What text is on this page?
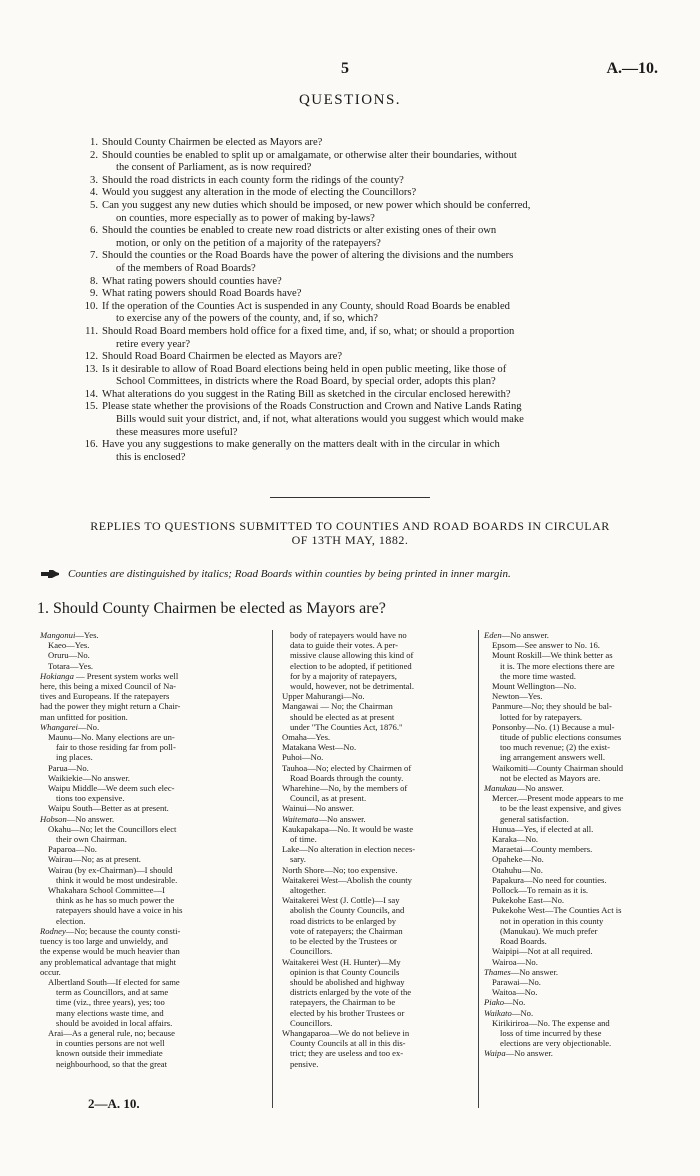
5	A.—10.
QUESTIONS.
1. Should County Chairmen be elected as Mayors are?
2. Should counties be enabled to split up or amalgamate, or otherwise alter their boundaries, without
the consent of Parliament, as is now required?
3. Should the road districts in each county form the ridings of the county?
4. Would you suggest any alteration in the mode of electing the Councillors?
5. Can you suggest any new duties which should be imposed, or new power which should be conferred,
on counties, more especially as to power of making by-laws?
6. Should the counties be enabled to create new road districts or alter existing ones of their own
motion, or only on the petition of a majority of the ratepayers?
7. Should the counties or the Road Boards have the power of altering the divisions and the numbers
of the members of Road Boards?
8. What rating powers should counties have?
9. What rating powers should Road Boards have?
10. If the operation of the Counties Act is suspended in any County, should Road Boards be enabled
to exercise any of the powers of the county, and, if so, which?
11. Should Road Board members hold office for a fixed time, and, if so, what; or should a proportion
retire every year?
12. Should Road Board Chairmen be elected as Mayors are?
13. Is it desirable to allow of Road Board elections being held in open public meeting, like those of
School Committees, in districts where the Road Board, by special order, adopts this plan?
14. What alterations do you suggest in the Rating Bill as sketched in the circular enclosed herewith?
15. Please state whether the provisions of the Roads Construction and Crown and Native Lands Rating
Bills would suit your district, and, if not, what alterations would you suggest which would make
these measures more useful?
16. Have you any suggestions to make generally on the matters dealt with in the circular in which
this is enclosed?
REPLIES TO QUESTIONS SUBMITTED TO COUNTIES AND ROAD BOARDS IN CIRCULAR
OF 13TH MAY, 1882.
Counties are distinguished by italics; Road Boards within counties by being printed in inner margin.
1. Should County Chairmen be elected as Mayors are?
Mangonui—Yes.
Kaeo—Yes.
Oruru—No.
Totara—Yes.
Hokianga — Present system works well
here, this being a mixed Council of Na-
tives and Europeans. If the ratepayers
had the power they might return a Chair-
man unfitted for position.
Whangarei—No.
Maunu—No. Many elections are un-
fair to those residing far from poll-
ing places.
Parua—No.
Waikiekie—No answer.
Waipu Middle—We deem such elec-
tions too expensive.
Waipu South—Better as at present.
Hobson—No answer.
Okahu—No; let the Councillors elect
their own Chairman.
Paparoa—No.
Wairau—No; as at present.
Wairau (by ex-Chairman)—I should
think it would be most undesirable.
Whakahara School Committee—I
think as he has so much power the
ratepayers should have a voice in his
election.
Rodney—No; because the county consti-
tuency is too large and unwieldy, and
the expense would be much heavier than
any problematical advantage that might
occur.
Albertland South—If elected for same
term as Councillors, and at same
time (viz., three years), yes; too
many elections waste time, and
should be avoided in local affairs.
Arai—As a general rule, no; because
in counties persons are not well
known outside their immediate
neighbourhood, so that the great
body of ratepayers would have no
data to guide their votes. A per-
missive clause allowing this kind of
election to be adopted, if petitioned
for by a majority of ratepayers,
would, however, not be detrimental.
Upper Mahurangi—No.
Mangawai — No; the Chairman
should be elected as at present
under "The Counties Act, 1876."
Omaha—Yes.
Matakana West—No.
Puhoi—No.
Tauhoa—No; elected by Chairmen of
Road Boards through the county.
Wharehine—No, by the members of
Council, as at present.
Wainui—No answer.
Waitemata—No answer.
Kaukapakapa—No. It would be waste
of time.
Lake—No alteration in election neces-
sary.
North Shore—No; too expensive.
Waitakerei West—Abolish the county
altogether.
Waitakerei West (J. Cottle)—I say
abolish the County Councils, and
road districts to be enlarged by
vote of ratepayers; the Chairman
to be elected by the Trustees or
Councillors.
Waitakerei West (H. Hunter)—My
opinion is that County Councils
should be abolished and highway
districts enlarged by the vote of the
ratepayers, the Chairman to be
elected by his brother Trustees or
Councillors.
Whangaparoa—We do not believe in
County Councils at all in this dis-
trict; they are useless and too ex-
pensive.
Eden—No answer.
Epsom—See answer to No. 16.
Mount Roskill—We think better as
it is. The more elections there are
the more time wasted.
Mount Wellington—No.
Newton—Yes.
Panmure—No; they should be bal-
lotted for by ratepayers.
Ponsonby—No. (1) Because a mul-
titude of public elections consumes
too much revenue; (2) the exist-
ing arrangement answers well.
Waikomiti—County Chairman should
not be elected as Mayors are.
Manukau—No answer.
Mercer.—Present mode appears to me
to be the least expensive, and gives
general satisfaction.
Hunua—Yes, if elected at all.
Karaka—No.
Maraetai—County members.
Opaheke—No.
Otahuhu—No.
Papakura—No need for counties.
Pollock—To remain as it is.
Pukekohe East—No.
Pukekohe West—The Counties Act is
not in operation in this county
(Manukau). We much prefer
Road Boards.
Waipipi—Not at all required.
Wairoa—No.
Thames—No answer.
Parawai—No.
Waitoa—No.
Piako—No.
Waikato—No.
Kirikiriroa—No. The expense and
loss of time incurred by these
elections are very objectionable.
Waipa—No answer.
2—A. 10.
